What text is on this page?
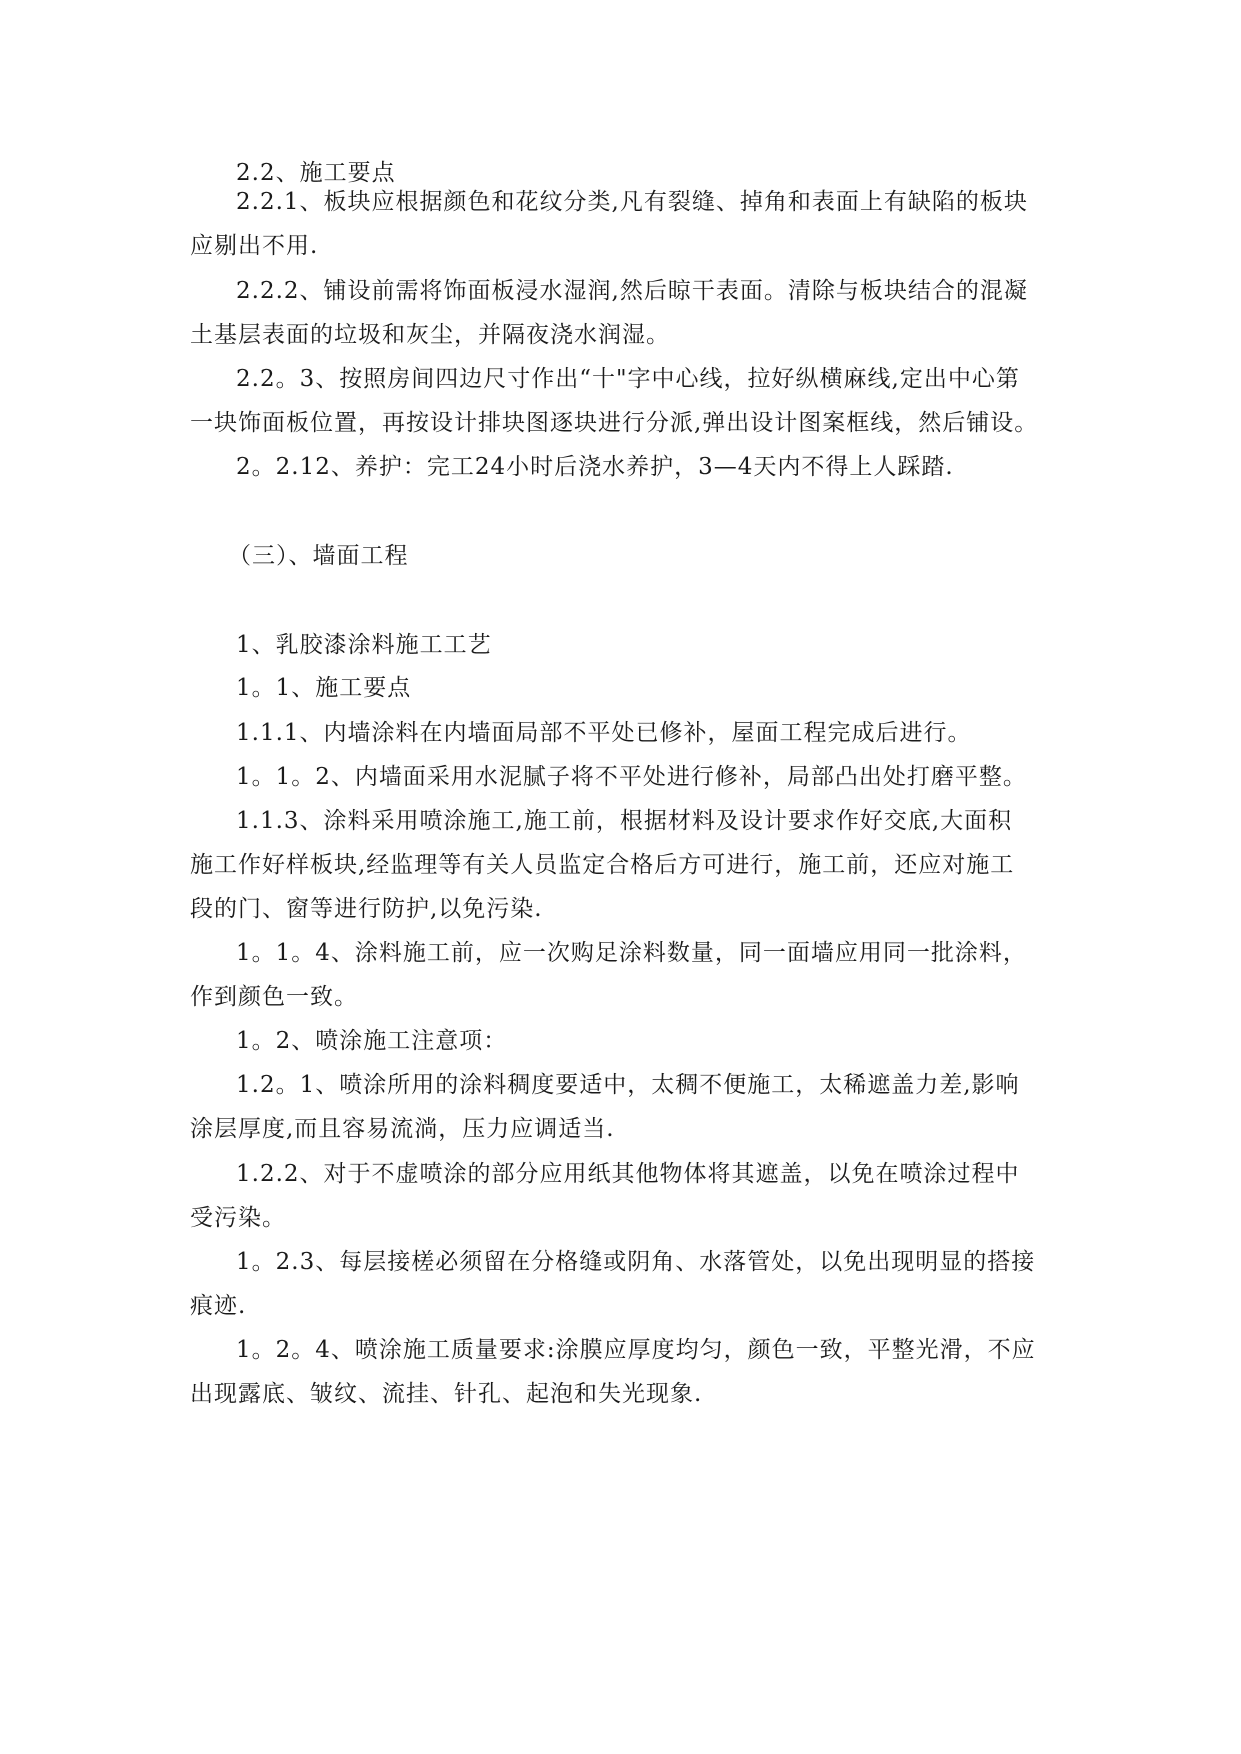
2.2、施工要点
2.2.1、板块应根据颜色和花纹分类,凡有裂缝、掉角和表面上有缺陷的板块
应剔出不用.
2.2.2、铺设前需将饰面板浸水湿润,然后晾干表面。清除与板块结合的混凝
土基层表面的垃圾和灰尘，并隔夜浇水润湿。
2.2。3、按照房间四边尺寸作出“十"字中心线，拉好纵横麻线,定出中心第
一块饰面板位置，再按设计排块图逐块进行分派,弹出设计图案框线，然后铺设。
2。2.12、养护：完工24小时后浇水养护，3—4天内不得上人踩踏.
（三）、墙面工程
1、乳胶漆涂料施工工艺
1。1、施工要点
1.1.1、内墙涂料在内墙面局部不平处已修补，屋面工程完成后进行。
1。1。2、内墙面采用水泥腻子将不平处进行修补，局部凸出处打磨平整。
1.1.3、涂料采用喷涂施工,施工前，根据材料及设计要求作好交底,大面积
施工作好样板块,经监理等有关人员监定合格后方可进行，施工前，还应对施工
段的门、窗等进行防护,以免污染.
1。1。4、涂料施工前，应一次购足涂料数量，同一面墙应用同一批涂料，
作到颜色一致。
1。2、喷涂施工注意项：
1.2。1、喷涂所用的涂料稠度要适中，太稠不便施工，太稀遮盖力差,影响
涂层厚度,而且容易流淌，压力应调适当.
1.2.2、对于不虚喷涂的部分应用纸其他物体将其遮盖，以免在喷涂过程中
受污染。
1。2.3、每层接槎必须留在分格缝或阴角、水落管处，以免出现明显的搭接
痕迹.
1。2。4、喷涂施工质量要求:涂膜应厚度均匀，颜色一致，平整光滑，不应
出现露底、皱纹、流挂、针孔、起泡和失光现象.
